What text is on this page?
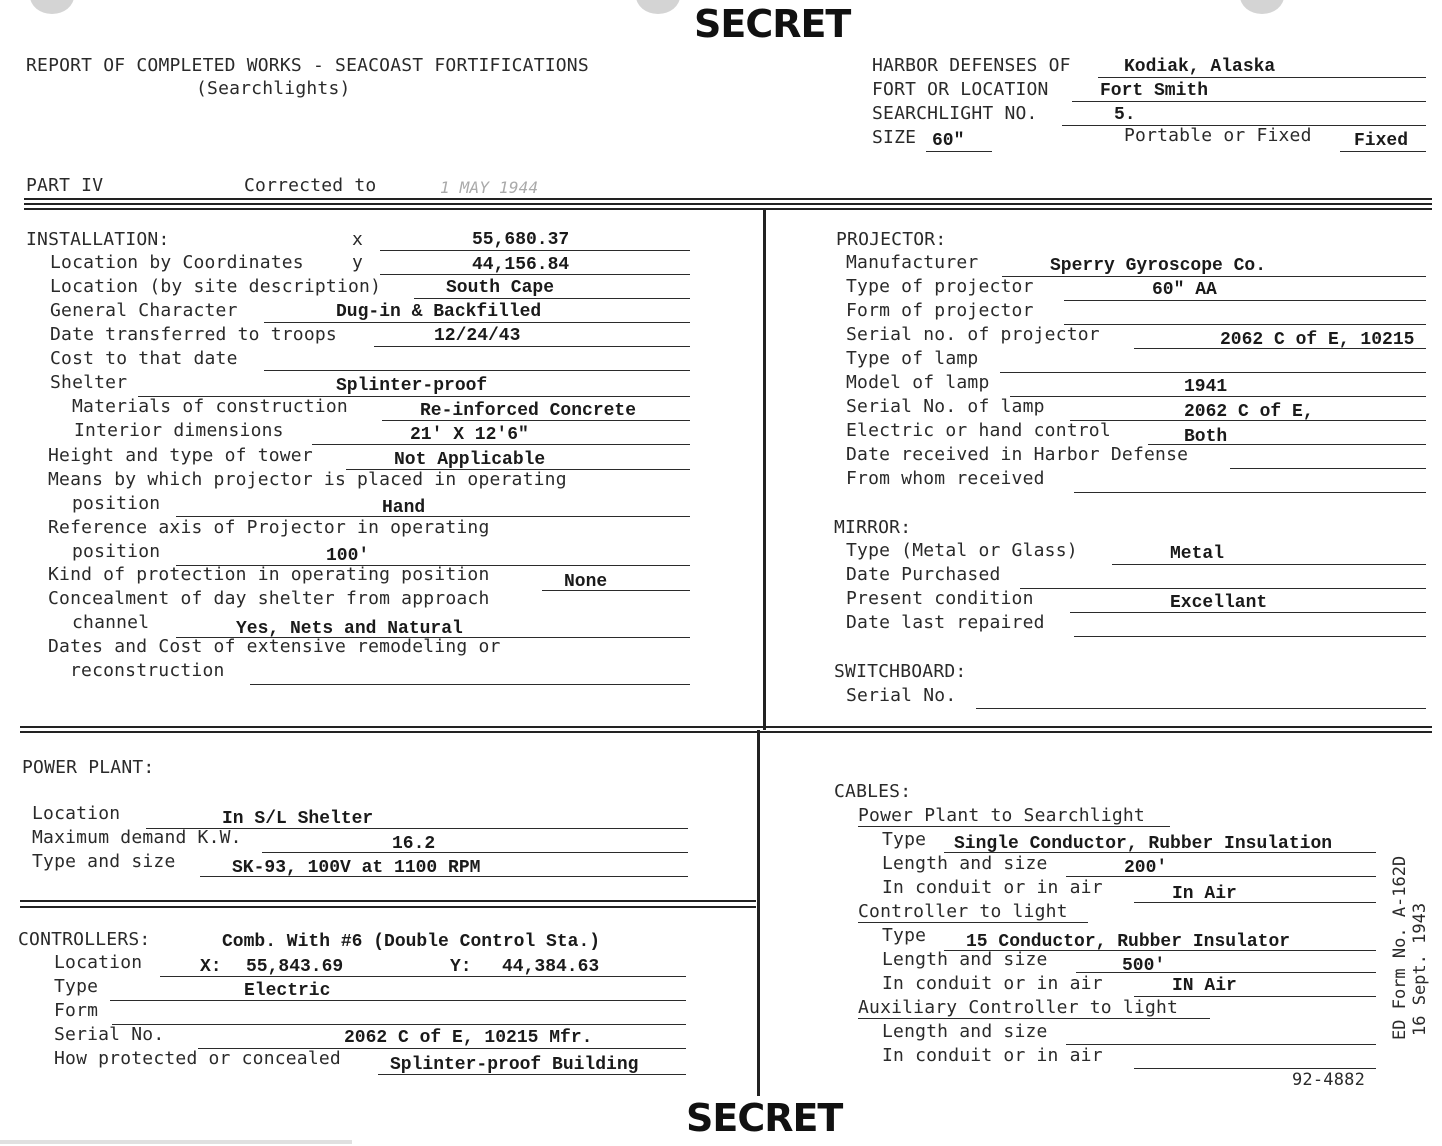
SECRET
REPORT OF COMPLETED WORKS - SEACOAST FORTIFICATIONS
(Searchlights)
HARBOR DEFENSES OF	Kodiak, Alaska
FORT OR LOCATION	Fort Smith
SEARCHLIGHT NO.	5.
SIZE 60"	Portable or Fixed Fixed
PART IV	Corrected to	1 MAY 1944
INSTALLATION:	x	55,680.37
Location by Coordinates	y	44,156.84
Location (by site description)	South Cape
General Character	Dug-in & Backfilled
Date transferred to troops	12/24/43
Cost to that date
Shelter	Splinter-proof
Materials of construction	Re-inforced Concrete
Interior dimensions	21' X 12'6"
Height and type of tower	Not Applicable
Means by which projector is placed in operating
position	Hand
Reference axis of Projector in operating
position	100'
Kind of protection in operating position	None
Concealment of day shelter from approach
channel	Yes, Nets and Natural
Dates and Cost of extensive remodeling or
reconstruction
PROJECTOR:
Manufacturer	Sperry Gyroscope Co.
Type of projector	60" AA
Form of projector
Serial no. of projector	2062 C of E, 10215
Type of lamp
Model of lamp	1941
Serial No. of lamp	2062 C of E,
Electric or hand control	Both
Date received in Harbor Defense
From whom received
MIRROR:
Type (Metal or Glass)	Metal
Date Purchased
Present condition	Excellant
Date last repaired
SWITCHBOARD:
Serial No.
POWER PLANT:
Location	In S/L Shelter
Maximum demand K.W.	16.2
Type and size	SK-93, 100V at 1100 RPM
CONTROLLERS:	Comb. With #6 (Double Control Sta.)
Location	X: 55,843.69	Y: 44,384.63
Type	Electric
Form
Serial No.	2062 C of E, 10215 Mfr.
How protected or concealed	Splinter-proof Building
CABLES:
Power Plant to Searchlight
Type Single Conductor, Rubber Insulation
Length and size	200'
In conduit or in air	In Air
Controller to light
Type 15 Conductor, Rubber Insulator
Length and size	500'
In conduit or in air	IN Air
Auxiliary Controller to light
Length and size
In conduit or in air
ED Form No. A-162D 16 Sept. 1943
92-4882
SECRET
